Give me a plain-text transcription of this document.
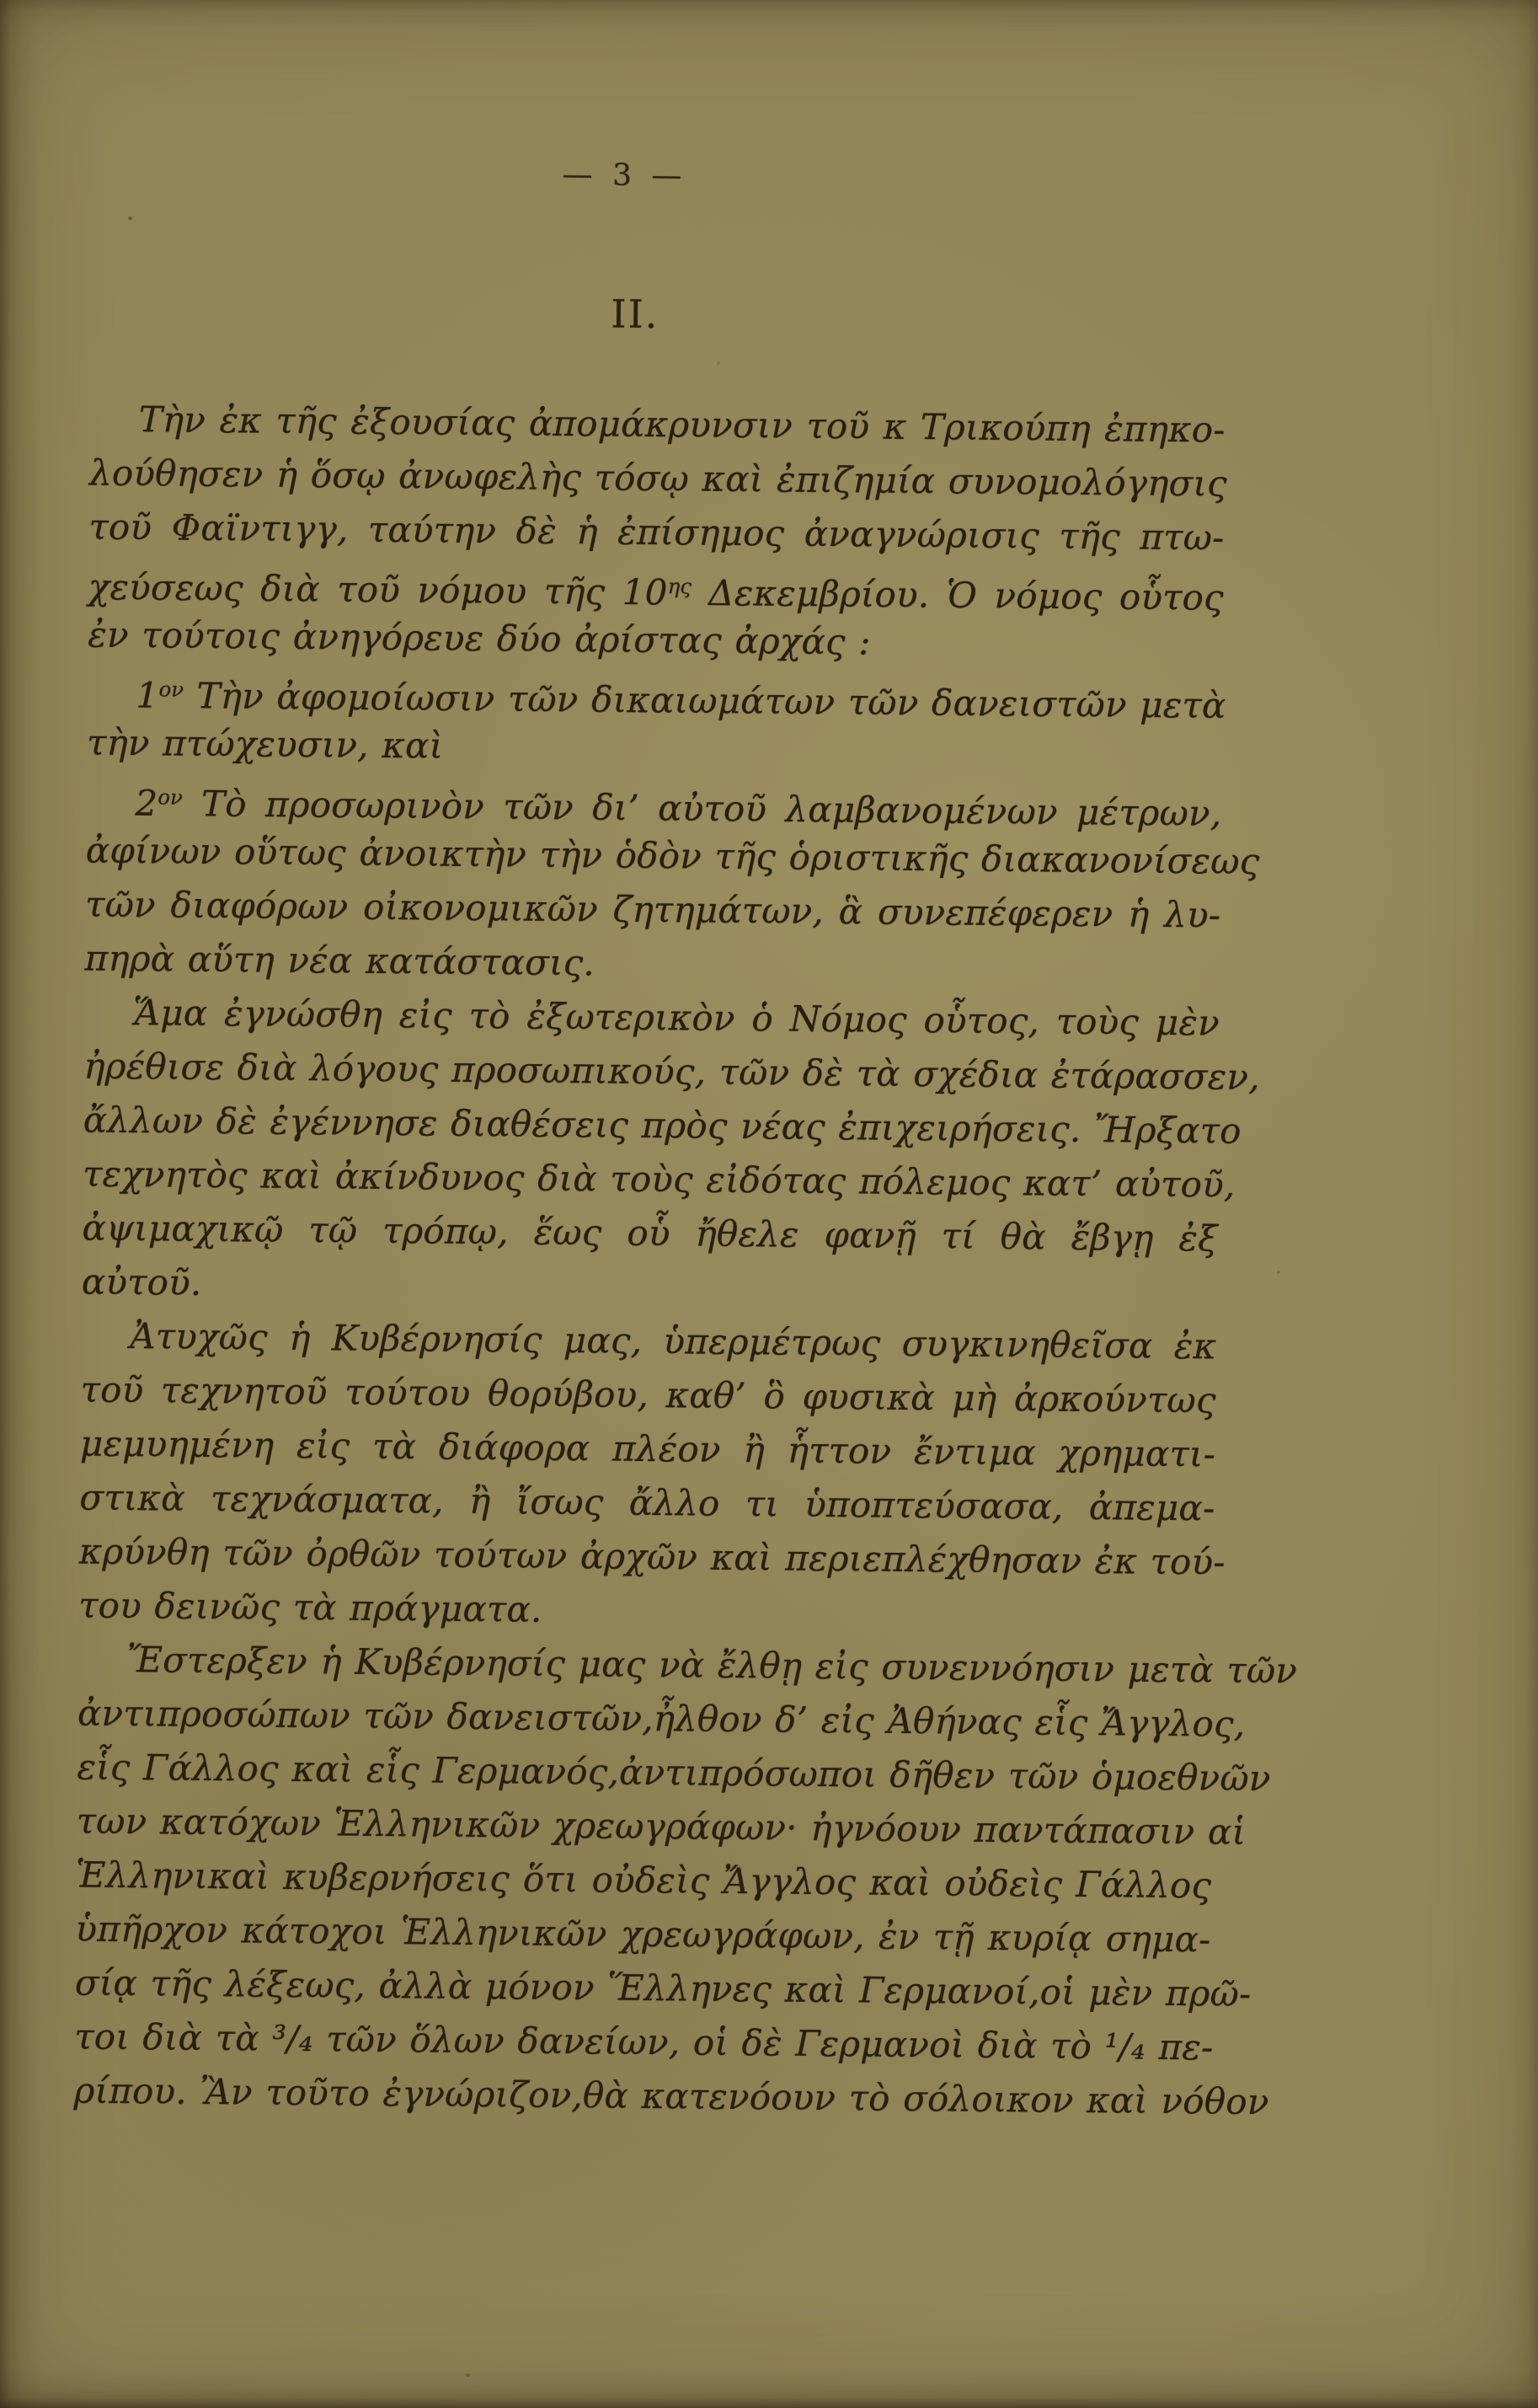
— 3 —
II.
Τὴν ἐκ τῆς ἐξουσίας ἀπομάκρυνσιν τοῦ κ Τρικούπη ἐπηκο-
λούθησεν ἡ ὅσῳ ἀνωφελὴς τόσῳ καὶ ἐπιζημία συνομολόγησις
τοῦ Φαϊντιγγ, ταύτην δὲ ἡ ἐπίσημος ἀναγνώρισις τῆς πτω-
χεύσεως διὰ τοῦ νόμου τῆς $10^{\eta\varsigma}$ Δεκεμβρίου. Ὁ νόμος οὗτος
ἐν τούτοις ἀνηγόρευε δύο ἀρίστας ἀρχάς :
$1^{o\nu}$ Τὴν ἀφομοίωσιν τῶν δικαιωμάτων τῶν δανειστῶν μετὰ
τὴν πτώχευσιν, καὶ
$2^{o\nu}$ Τὸ προσωρινὸν τῶν δι’ αὐτοῦ λαμβανομένων μέτρων,
ἀφίνων οὕτως ἀνοικτὴν τὴν ὁδὸν τῆς ὁριστικῆς διακανονίσεως
τῶν διαφόρων οἰκονομικῶν ζητημάτων, ἃ συνεπέφερεν ἡ λυ-
πηρὰ αὕτη νέα κατάστασις.
Ἅμα ἐγνώσθη εἰς τὸ ἐξωτερικὸν ὁ Νόμος οὗτος, τοὺς μὲν
ἠρέθισε διὰ λόγους προσωπικούς, τῶν δὲ τὰ σχέδια ἐτάρασσεν,
ἄλλων δὲ ἐγέννησε διαθέσεις πρὸς νέας ἐπιχειρήσεις. Ἤρξατο
τεχνητὸς καὶ ἀκίνδυνος διὰ τοὺς εἰδότας πόλεμος κατ’ αὐτοῦ,
ἀψιμαχικῷ τῷ τρόπῳ, ἕως οὗ ἤθελε φανῇ τί θὰ ἔβγῃ ἐξ
αὐτοῦ.
Ἀτυχῶς ἡ Κυβέρνησίς μας, ὑπερμέτρως συγκινηθεῖσα ἐκ
τοῦ τεχνητοῦ τούτου θορύβου, καθ’ ὃ φυσικὰ μὴ ἀρκούντως
μεμυημένη εἰς τὰ διάφορα πλέον ἢ ἧττον ἔντιμα χρηματι-
στικὰ τεχνάσματα, ἢ ἴσως ἄλλο τι ὑποπτεύσασα, ἀπεμα-
κρύνθη τῶν ὀρθῶν τούτων ἀρχῶν καὶ περιεπλέχθησαν ἐκ τού-
του δεινῶς τὰ πράγματα.
Ἔστερξεν ἡ Κυβέρνησίς μας νὰ ἔλθῃ εἰς συνεννόησιν μετὰ τῶν
ἀντιπροσώπων τῶν δανειστῶν,ἦλθον δ’ εἰς Ἀθήνας εἷς Ἄγγλος,
εἷς Γάλλος καὶ εἷς Γερμανός,ἀντιπρόσωποι δῆθεν τῶν ὁμοεθνῶν
των κατόχων Ἑλληνικῶν χρεωγράφων· ἠγνόουν παντάπασιν αἱ
Ἑλληνικαὶ κυβερνήσεις ὅτι οὐδεὶς Ἄγγλος καὶ οὐδεὶς Γάλλος
ὑπῆρχον κάτοχοι Ἑλληνικῶν χρεωγράφων, ἐν τῇ κυρίᾳ σημα-
σίᾳ τῆς λέξεως, ἀλλὰ μόνον Ἕλληνες καὶ Γερμανοί,οἱ μὲν πρῶ-
τοι διὰ τὰ ³/₄ τῶν ὅλων δανείων, οἱ δὲ Γερμανοὶ διὰ τὸ ¹/₄ πε-
ρίπου. Ἂν τοῦτο ἐγνώριζον,θὰ κατενόουν τὸ σόλοικον καὶ νόθον
